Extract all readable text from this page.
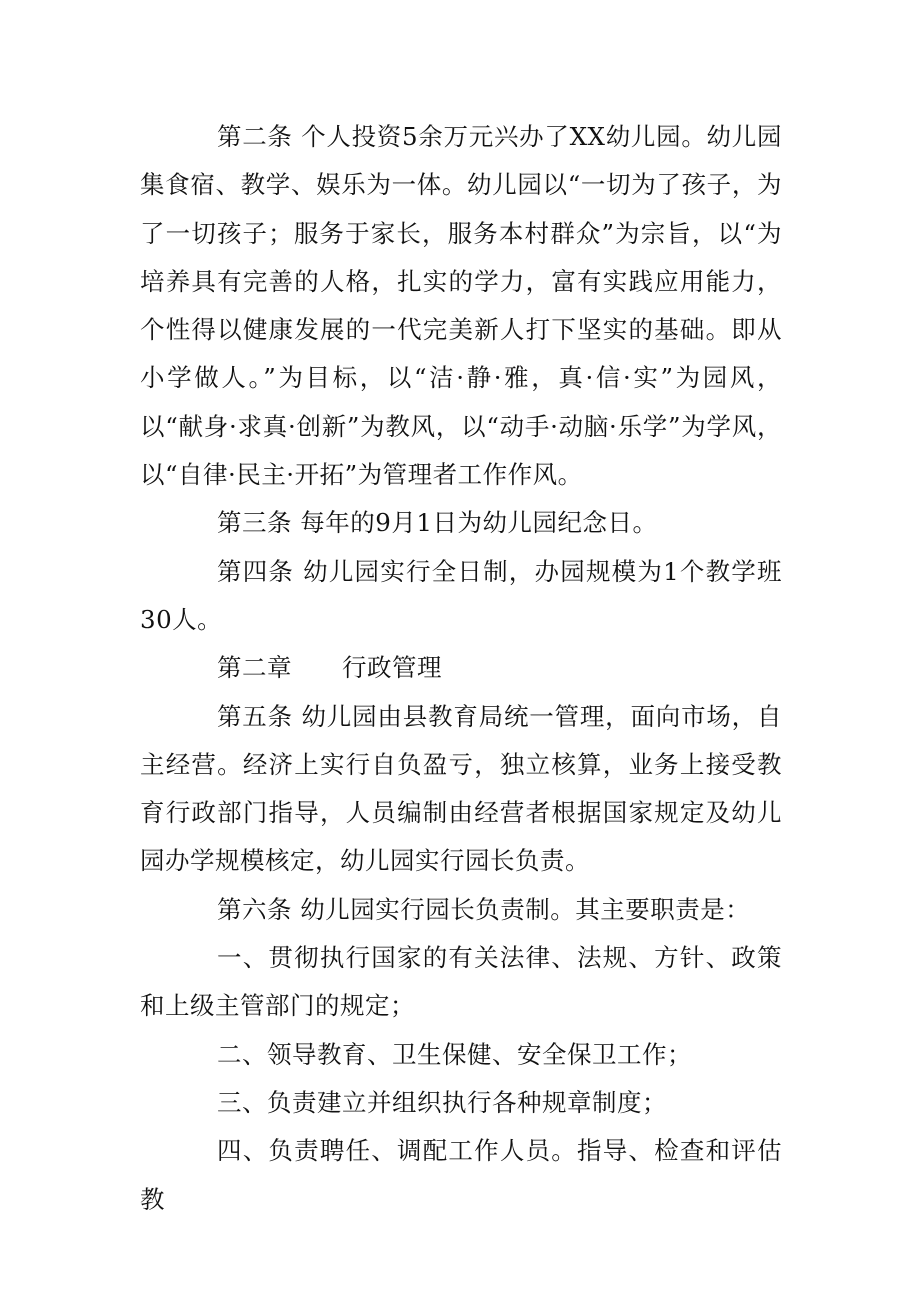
第二条 个人投资5余万元兴办了XX幼儿园。幼儿园集食宿、教学、娱乐为一体。幼儿园以“一切为了孩子，为了一切孩子；服务于家长，服务本村群众”为宗旨，以“为培养具有完善的人格，扎实的学力，富有实践应用能力，个性得以健康发展的一代完美新人打下坚实的基础。即从小学做人。”为目标，以“洁·静·雅，真·信·实”为园风，以“献身·求真·创新”为教风，以“动手·动脑·乐学”为学风，以“自律·民主·开拓”为管理者工作作风。

第三条 每年的9月1日为幼儿园纪念日。

第四条 幼儿园实行全日制，办园规模为1个教学班30人。

第二章　　行政管理

第五条 幼儿园由县教育局统一管理，面向市场，自主经营。经济上实行自负盈亏，独立核算，业务上接受教育行政部门指导，人员编制由经营者根据国家规定及幼儿园办学规模核定，幼儿园实行园长负责。

第六条 幼儿园实行园长负责制。其主要职责是：

一、贯彻执行国家的有关法律、法规、方针、政策和上级主管部门的规定；

二、领导教育、卫生保健、安全保卫工作；

三、负责建立并组织执行各种规章制度；

四、负责聘任、调配工作人员。指导、检查和评估教
